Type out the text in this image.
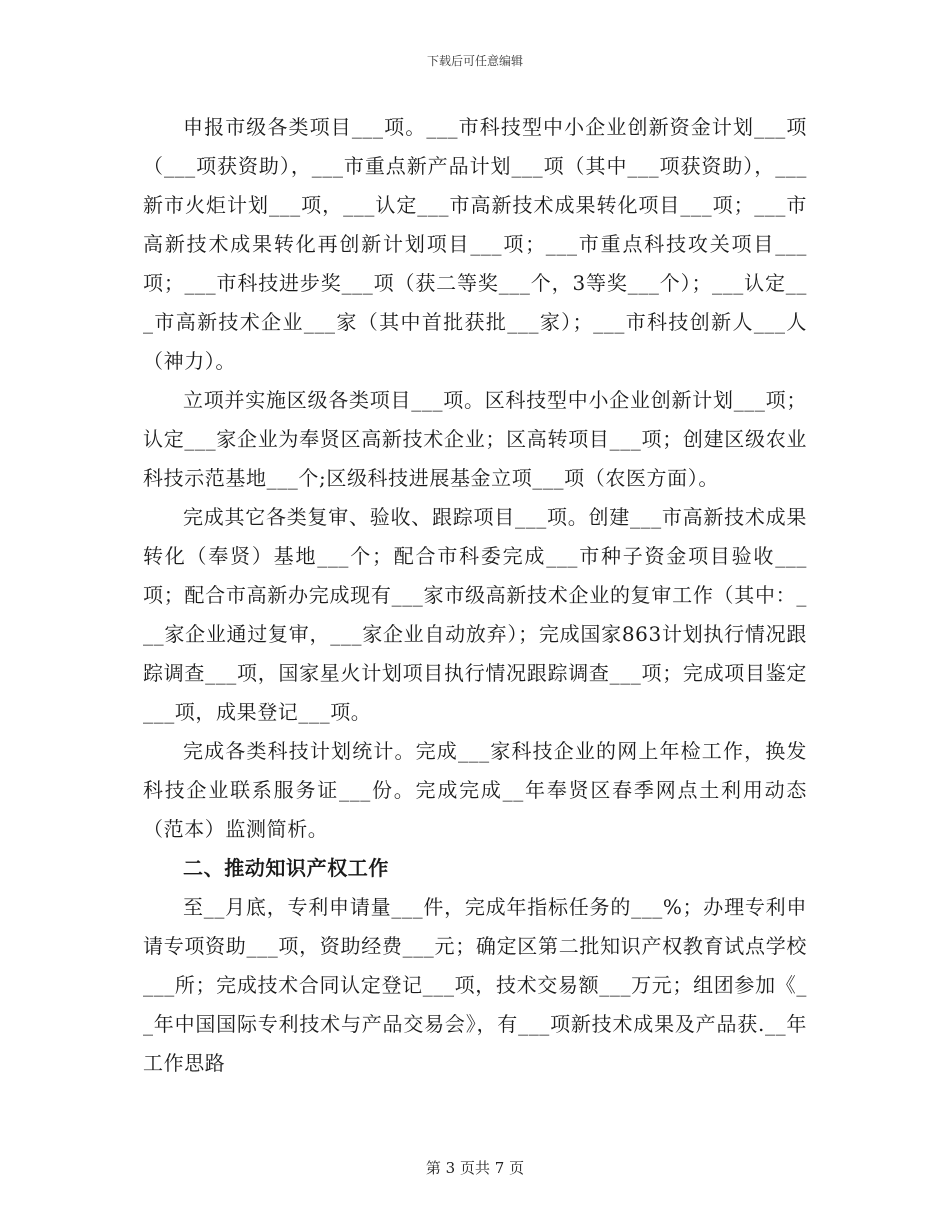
下载后可任意编辑

申报市级各类项目___项。___市科技型中小企业创新资金计划___项（___项获资助），___市重点新产品计划___项（其中___项获资助），___新市火炬计划___项，___认定___市高新技术成果转化项目___项；___市高新技术成果转化再创新计划项目___项；___市重点科技攻关项目___项；___市科技进步奖___项（获二等奖___个，3等奖___个）；___认定___市高新技术企业___家（其中首批获批___家）；___市科技创新人___人（神力）。

立项并实施区级各类项目___项。区科技型中小企业创新计划___项；认定___家企业为奉贤区高新技术企业；区高转项目___项；创建区级农业科技示范基地___个;区级科技进展基金立项___项（农医方面）。

完成其它各类复审、验收、跟踪项目___项。创建___市高新技术成果转化（奉贤）基地___个；配合市科委完成___市种子资金项目验收___项；配合市高新办完成现有___家市级高新技术企业的复审工作（其中：___家企业通过复审，___家企业自动放弃）；完成国家863计划执行情况跟踪调查___项，国家星火计划项目执行情况跟踪调查___项；完成项目鉴定___项，成果登记___项。

完成各类科技计划统计。完成___家科技企业的网上年检工作，换发科技企业联系服务证___份。完成完成__年奉贤区春季网点土利用动态（范本）监测简析。

二、推动知识产权工作

至__月底，专利申请量___件，完成年指标任务的___%；办理专利申请专项资助___项，资助经费___元；确定区第二批知识产权教育试点学校___所；完成技术合同认定登记___项，技术交易额___万元；组团参加《__年中国国际专利技术与产品交易会》，有___项新技术成果及产品获.__年工作思路

第 3 页共 7 页
